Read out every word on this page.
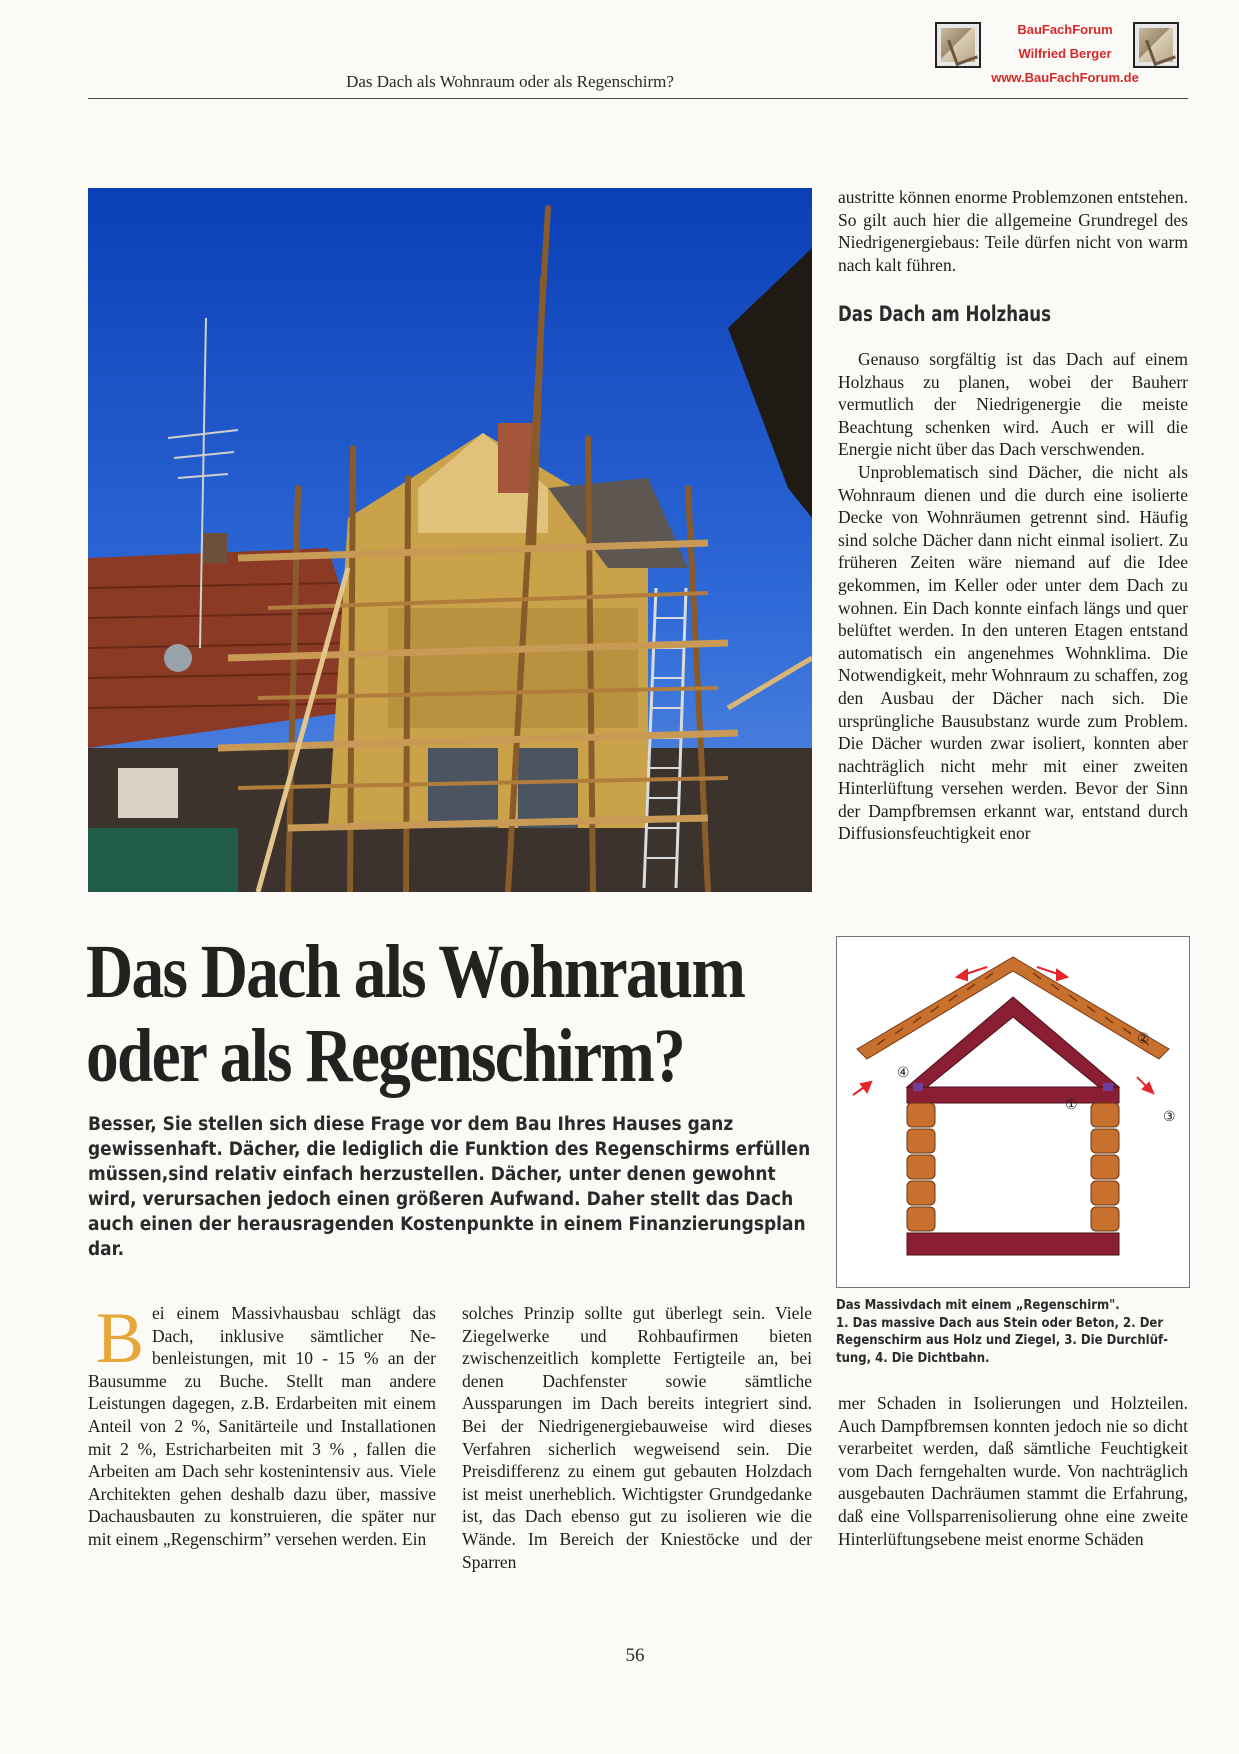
Das Dach als Wohnraum oder als Regenschirm?
BauFachForum
Wilfried Berger
www.BauFachForum.de
Das Dach als Wohnraum
oder als Regenschirm?
Besser, Sie stellen sich diese Frage vor dem Bau Ihres Hauses ganz gewissenhaft. Dächer, die lediglich die Funktion des Regenschirms erfüllen müssen,sind relativ einfach herzustellen. Dächer, unter denen gewohnt wird, verursachen jedoch einen größeren Aufwand. Daher stellt das Dach auch einen der herausragenden Kostenpunkte in einem Finanzierungsplan dar.

Bei einem Massivhausbau schlägt das Dach, inklusive sämtlicher Nebenleistungen, mit 10 - 15 % an der Bausumme zu Buche. Stellt man andere Leistungen dagegen, z.B. Erdarbeiten mit einem Anteil von 2 %, Sanitärteile und Installationen mit 2 %, Estricharbeiten mit 3 % , fallen die Arbeiten am Dach sehr kostenintensiv aus. Viele Architekten gehen deshalb dazu über, massive Dachausbauten zu konstruieren, die später nur mit einem „Regenschirm” versehen werden. Ein

solches Prinzip sollte gut überlegt sein. Viele Ziegelwerke und Rohbaufirmen bieten zwischenzeitlich komplette Fertigteile an, bei denen Dachfenster sowie sämtliche Aussparungen im Dach bereits integriert sind. Bei der Niedrigenergiebauweise wird dieses Verfahren sicherlich wegweisend sein. Die Preisdifferenz zu einem gut gebauten Holzdach ist meist unerheblich. Wichtigster Grundgedanke ist, das Dach ebenso gut zu isolieren wie die Wände. Im Bereich der Kniestöcke und der Sparren

austritte können enorme Problemzonen entstehen. So gilt auch hier die allgemeine Grundregel des Niedrigenergiebaus: Teile dürfen nicht von warm nach kalt führen.

Das Dach am Holzhaus

Genauso sorgfältig ist das Dach auf einem Holzhaus zu planen, wobei der Bauherr vermutlich der Niedrigenergie die meiste Beachtung schenken wird. Auch er will die Energie nicht über das Dach verschwenden.

Unproblematisch sind Dächer, die nicht als Wohnraum dienen und die durch eine isolierte Decke von Wohnräumen getrennt sind. Häufig sind solche Dächer dann nicht einmal isoliert. Zu früheren Zeiten wäre niemand auf die Idee gekommen, im Keller oder unter dem Dach zu wohnen. Ein Dach konnte einfach längs und quer belüftet werden. In den unteren Etagen entstand automatisch ein angenehmes Wohnklima. Die Notwendigkeit, mehr Wohnraum zu schaffen, zog den Ausbau der Dächer nach sich. Die ursprüngliche Bausubstanz wurde zum Problem. Die Dächer wurden zwar isoliert, konnten aber nachträglich nicht mehr mit einer zweiten Hinterlüftung versehen werden. Bevor der Sinn der Dampfbremsen erkannt war, entstand durch Diffusionsfeuchtigkeit enor

①
②
③
④

Das Massivdach mit einem „Regenschirm".

1. Das massive Dach aus Stein oder Beton, 2. Der Regenschirm aus Holz und Ziegel, 3. Die Durchlüftung, 4. Die Dichtbahn.

mer Schaden in Isolierungen und Holzteilen. Auch Dampfbremsen konnten jedoch nie so dicht verarbeitet werden, daß sämtliche Feuchtigkeit vom Dach ferngehalten wurde. Von nachträglich ausgebauten Dachräumen stammt die Erfahrung, daß eine Vollsparrenisolierung ohne eine zweite Hinterlüftungsebene meist enorme Schäden

56
